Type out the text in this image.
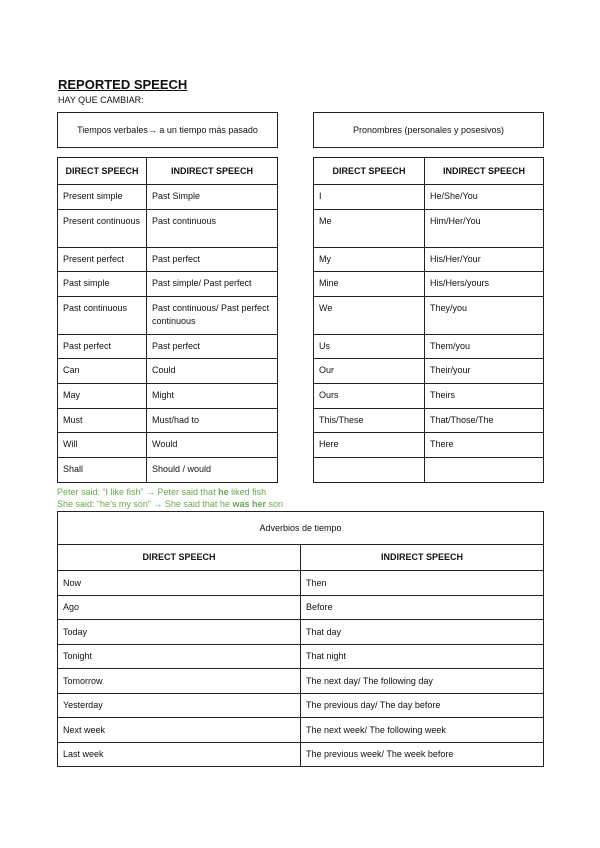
REPORTED SPEECH

HAY QUE CAMBIAR:

Tiempos verbales→ a un tiempo más pasado	

DIRECT SPEECH	INDIRECT SPEECH
Present simple	Past Simple
Present continuous	Past continuous
Present perfect	Past perfect
Past simple	Past simple/ Past perfect
Past continuous	Past continuous/ Past perfect continuous
Past perfect	Past perfect
Can	Could
May	Might
Must	Must/had to
Will	Would
Shall	Should / would
Pronombres (personales y posesivos)	

DIRECT SPEECH	INDIRECT SPEECH
I	He/She/You
Me	Him/Her/You
My	His/Her/Your
Mine	His/Hers/yours
We	They/you
Us	Them/you
Our	Their/your
Ours	Theirs
This/These	That/Those/The
Here	There

Peter said: “I like fish” → Peter said that he liked fish

She said: “he’s my son” → She said that he was her son

Adverbios de tiempo	
DIRECT SPEECH	INDIRECT SPEECH
Now	Then
Ago	Before
Today	That day
Tonight	That night
Tomorrow	The next day/ The following day
Yesterday	The previous day/ The day before
Next week	The next week/ The following week
Last week	The previous week/ The week before
